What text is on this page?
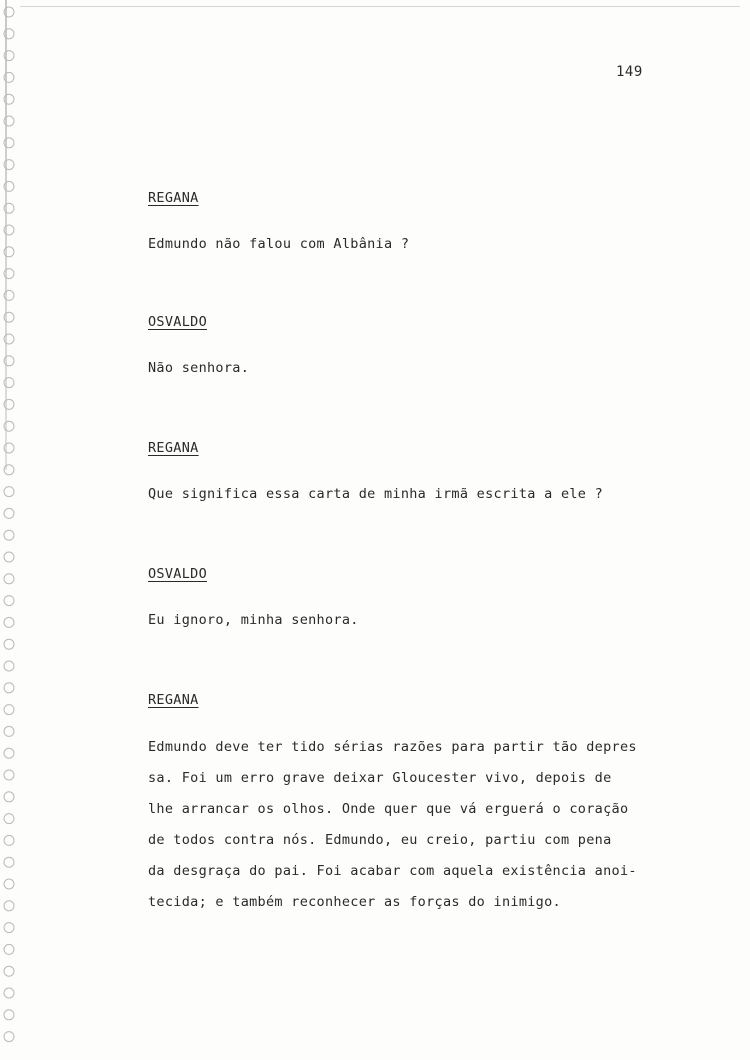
149

REGANA

Edmundo não falou com Albânia ?

OSVALDO

Não senhora.

REGANA

Que significa essa carta de minha irmã escrita a ele ?

OSVALDO

Eu ignoro, minha senhora.

REGANA

Edmundo deve ter tido sérias razões para partir tão depres
sa. Foi um erro grave deixar Gloucester vivo, depois de
lhe arrancar os olhos. Onde quer que vá erguerá o coração
de todos contra nós. Edmundo, eu creio, partiu com pena
da desgraça do pai. Foi acabar com aquela existência anoi-
tecida; e também reconhecer as forças do inimigo.
